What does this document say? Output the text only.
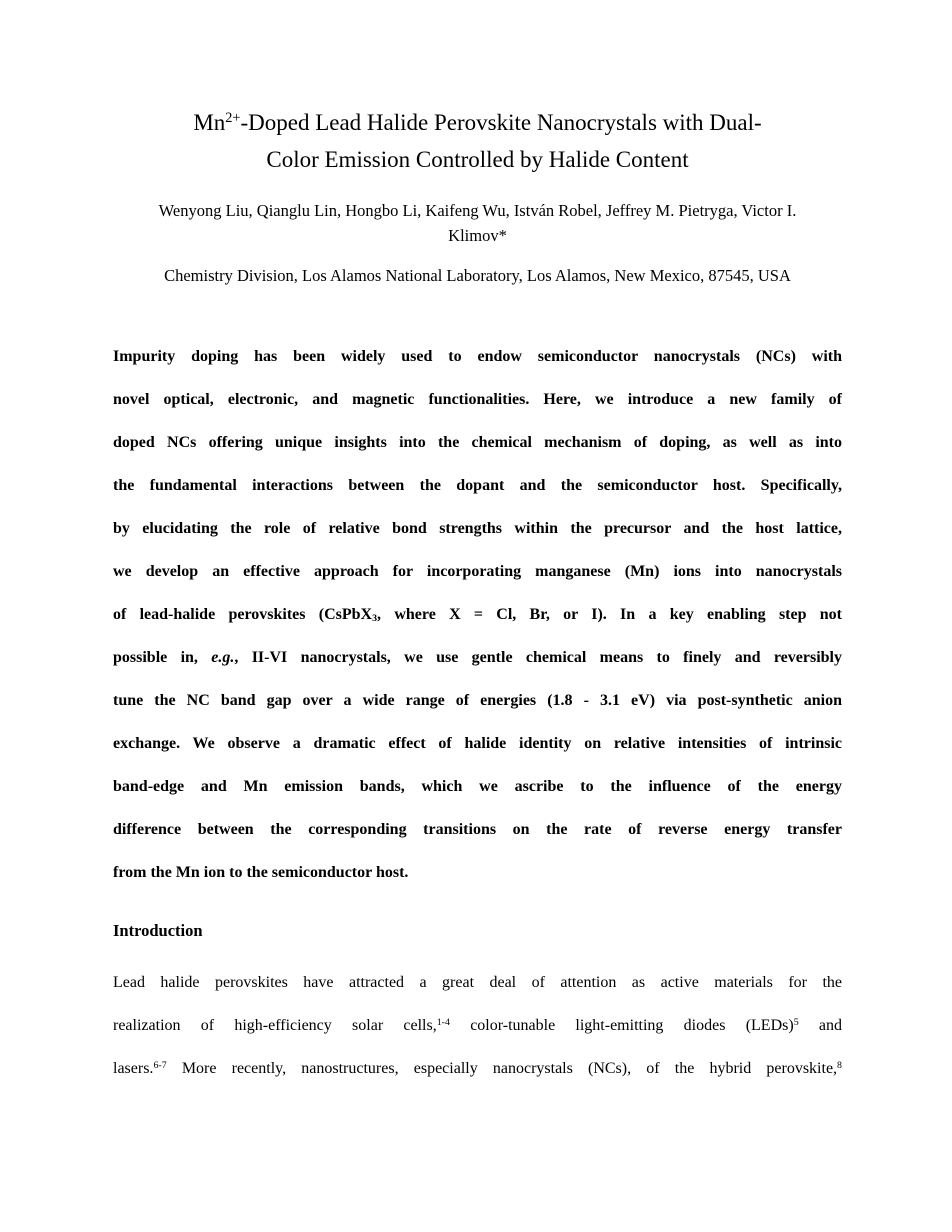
$Mn^{2+}$-Doped Lead Halide Perovskite Nanocrystals with Dual-
Color Emission Controlled by Halide Content
Wenyong Liu, Qianglu Lin, Hongbo Li, Kaifeng Wu, István Robel, Jeffrey M. Pietryga, Victor I.
Klimov*
Chemistry Division, Los Alamos National Laboratory, Los Alamos, New Mexico, 87545, USA
Impurity doping has been widely used to endow semiconductor nanocrystals (NCs) with
novel optical, electronic, and magnetic functionalities. Here, we introduce a new family of
doped NCs offering unique insights into the chemical mechanism of doping, as well as into
the fundamental interactions between the dopant and the semiconductor host. Specifically,
by elucidating the role of relative bond strengths within the precursor and the host lattice,
we develop an effective approach for incorporating manganese (Mn) ions into nanocrystals
of lead-halide perovskites (CsPbX$_3$, where X = Cl, Br, or I). In a key enabling step not
possible in, e.g., II-VI nanocrystals, we use gentle chemical means to finely and reversibly
tune the NC band gap over a wide range of energies (1.8 - 3.1 eV) via post-synthetic anion
exchange. We observe a dramatic effect of halide identity on relative intensities of intrinsic
band-edge and Mn emission bands, which we ascribe to the influence of the energy
difference between the corresponding transitions on the rate of reverse energy transfer
from the Mn ion to the semiconductor host.
Introduction
Lead halide perovskites have attracted a great deal of attention as active materials for the
realization of high-efficiency solar cells,$^{1-4}$ color-tunable light-emitting diodes (LEDs)$^5$ and
lasers.$^{6-7}$ More recently, nanostructures, especially nanocrystals (NCs), of the hybrid perovskite,$^8$
